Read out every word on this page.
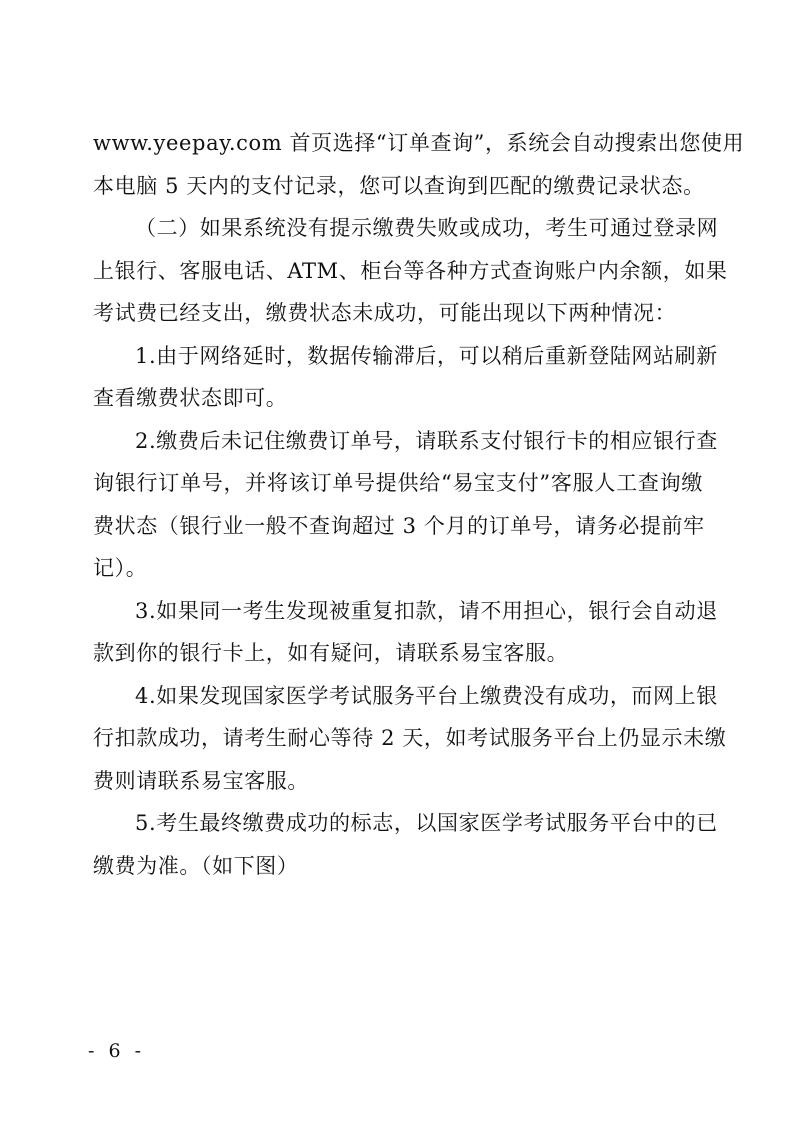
www.yeepay.com 首页选择“订单查询”，系统会自动搜索出您使用
本电脑 5 天内的支付记录，您可以查询到匹配的缴费记录状态。
（二）如果系统没有提示缴费失败或成功，考生可通过登录网
上银行、客服电话、ATM、柜台等各种方式查询账户内余额，如果
考试费已经支出，缴费状态未成功，可能出现以下两种情况：
1.由于网络延时，数据传输滞后，可以稍后重新登陆网站刷新
查看缴费状态即可。
2.缴费后未记住缴费订单号，请联系支付银行卡的相应银行查
询银行订单号，并将该订单号提供给“易宝支付”客服人工查询缴
费状态（银行业一般不查询超过 3 个月的订单号，请务必提前牢
记）。
3.如果同一考生发现被重复扣款，请不用担心，银行会自动退
款到你的银行卡上，如有疑问，请联系易宝客服。
4.如果发现国家医学考试服务平台上缴费没有成功，而网上银
行扣款成功，请考生耐心等待 2 天，如考试服务平台上仍显示未缴
费则请联系易宝客服。
5.考生最终缴费成功的标志，以国家医学考试服务平台中的已
缴费为准。（如下图）
- 6 -
